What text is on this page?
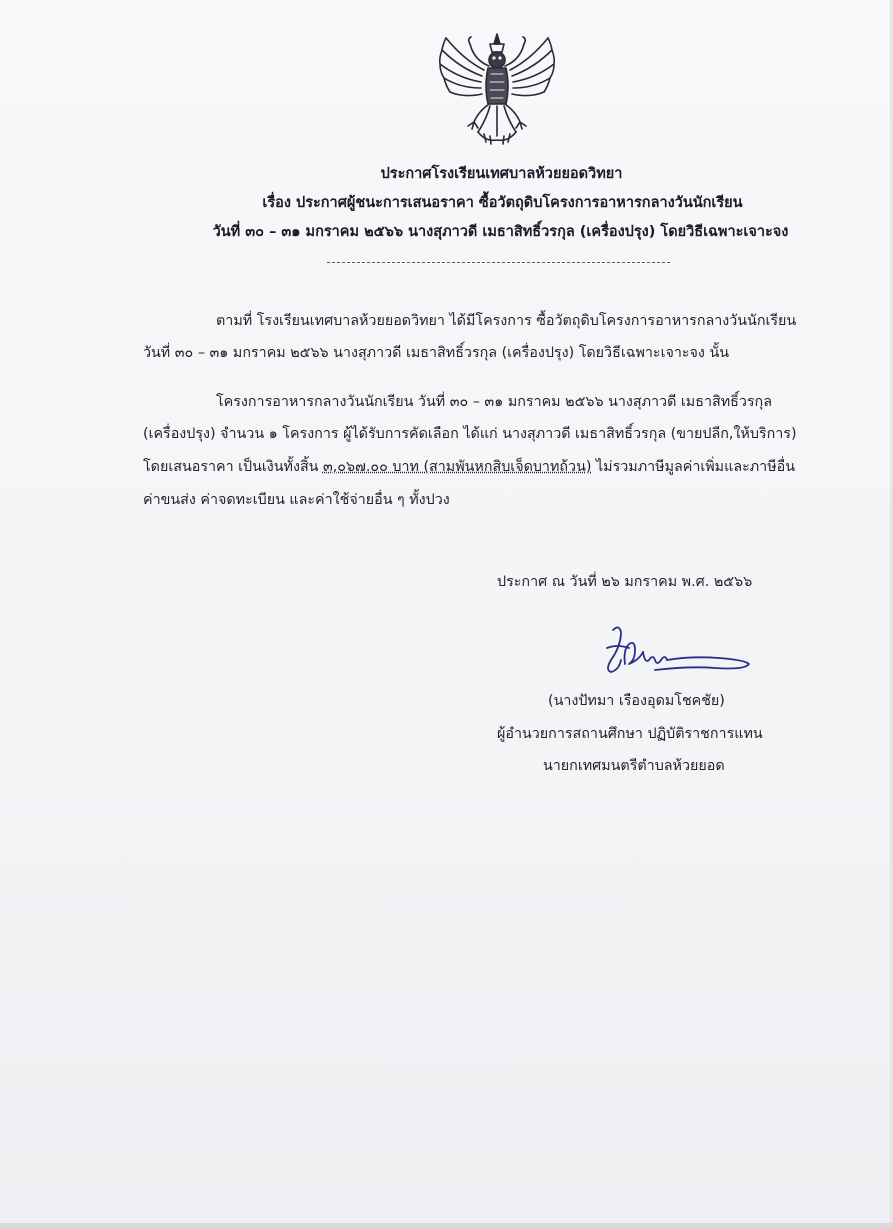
ประกาศโรงเรียนเทศบาลห้วยยอดวิทยา
เรื่อง ประกาศผู้ชนะการเสนอราคา ซื้อวัตถุดิบโครงการอาหารกลางวันนักเรียน
วันที่ ๓๐ – ๓๑ มกราคม ๒๕๖๖ นางสุภาวดี เมธาสิทธิ์วรกุล (เครื่องปรุง) โดยวิธีเฉพาะเจาะจง
ตามที่ โรงเรียนเทศบาลห้วยยอดวิทยา ได้มีโครงการ ซื้อวัตถุดิบโครงการอาหารกลางวันนักเรียน
วันที่ ๓๐ – ๓๑ มกราคม ๒๕๖๖ นางสุภาวดี เมธาสิทธิ์วรกุล (เครื่องปรุง) โดยวิธีเฉพาะเจาะจง นั้น
โครงการอาหารกลางวันนักเรียน วันที่ ๓๐ – ๓๑ มกราคม ๒๕๖๖ นางสุภาวดี เมธาสิทธิ์วรกุล
(เครื่องปรุง) จำนวน ๑ โครงการ ผู้ได้รับการคัดเลือก ได้แก่ นางสุภาวดี เมธาสิทธิ์วรกุล (ขายปลีก,ให้บริการ)
โดยเสนอราคา เป็นเงินทั้งสิ้น ๓,๐๖๗.๐๐ บาท (สามพันหกสิบเจ็ดบาทถ้วน) ไม่รวมภาษีมูลค่าเพิ่มและภาษีอื่น
ค่าขนส่ง ค่าจดทะเบียน และค่าใช้จ่ายอื่น ๆ ทั้งปวง
ประกาศ ณ วันที่ ๒๖ มกราคม พ.ศ. ๒๕๖๖
(นางปัทมา เรืองอุดมโชคชัย)
ผู้อำนวยการสถานศึกษา ปฏิบัติราชการแทน
นายกเทศมนตรีตำบลห้วยยอด
